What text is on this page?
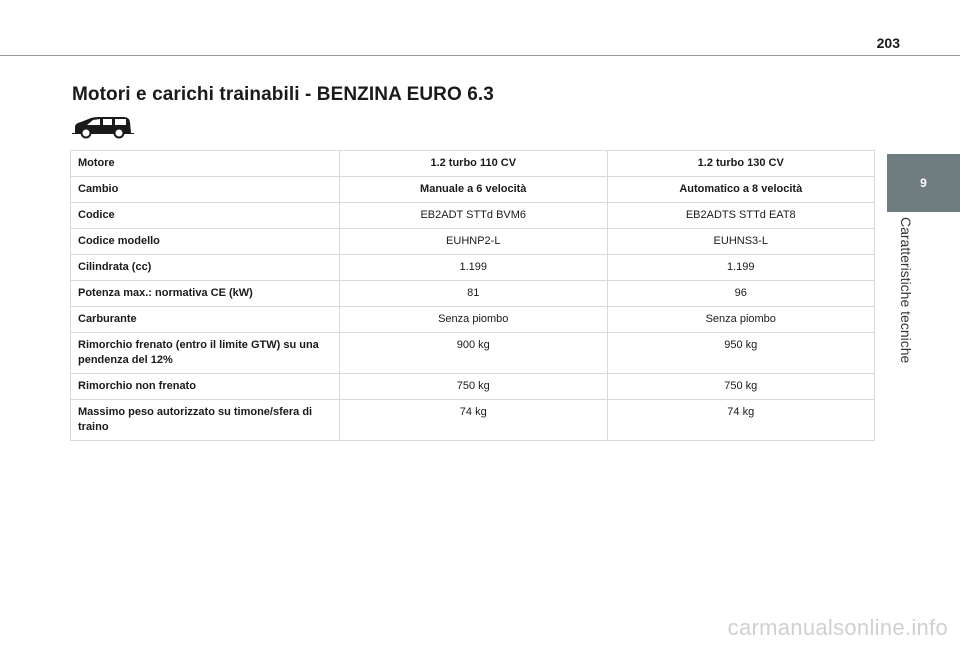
203
Motori e carichi trainabili - BENZINA EURO 6.3
Motore	1.2 turbo 110 CV	1.2 turbo 130 CV
Cambio	Manuale a 6 velocità	Automatico a 8 velocità
Codice	EB2ADT STTd BVM6	EB2ADTS STTd EAT8
Codice modello	EUHNP2-L	EUHNS3-L
Cilindrata (cc)	1.199	1.199
Potenza max.: normativa CE (kW)	81	96
Carburante	Senza piombo	Senza piombo
Rimorchio frenato (entro il limite GTW) su una pendenza del 12%	900 kg	950 kg
Rimorchio non frenato	750 kg	750 kg
Massimo peso autorizzato su timone/sfera di traino	74 kg	74 kg
9
Caratteristiche tecniche
carmanualsonline.info
